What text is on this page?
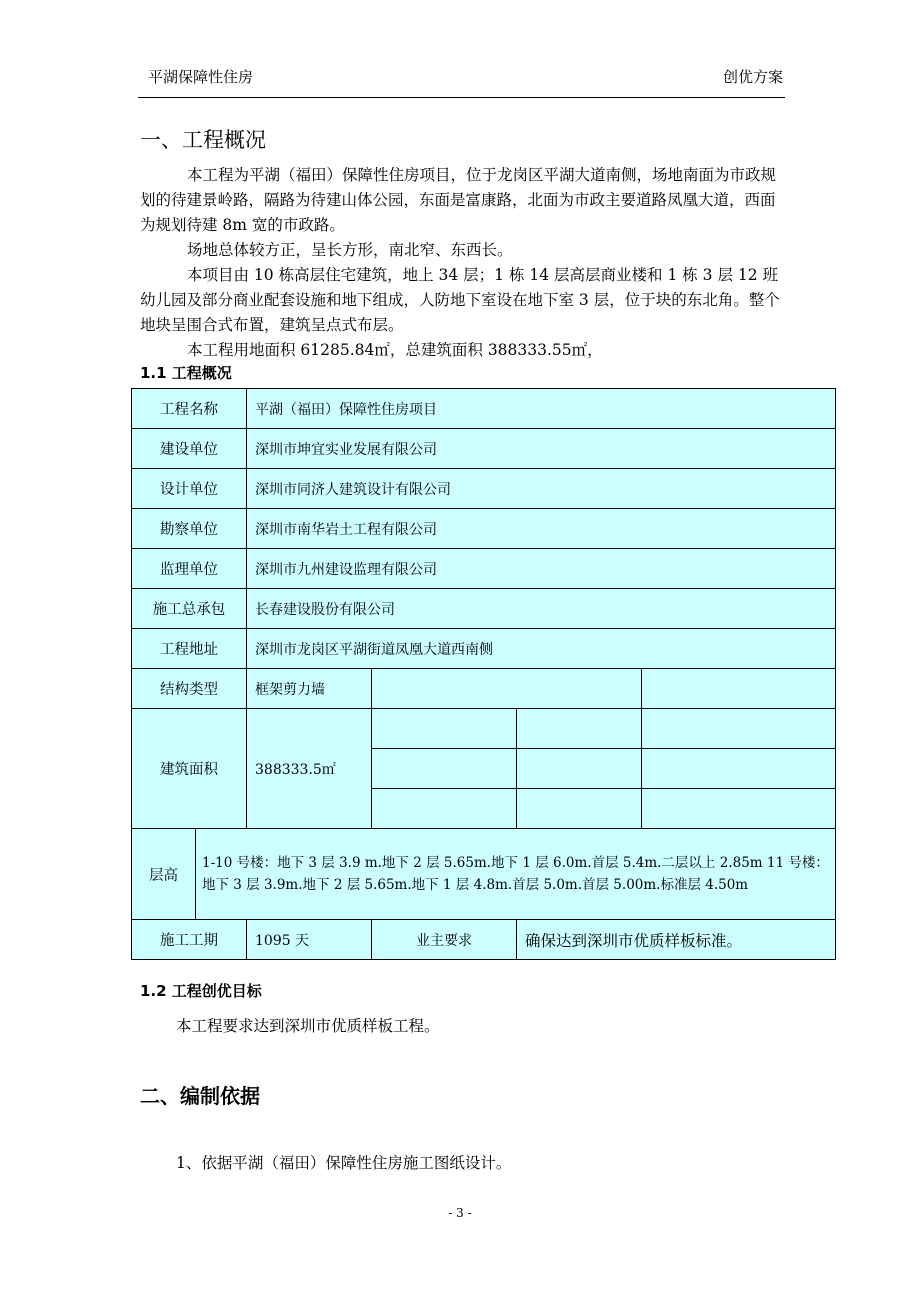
平湖保障性住房	创优方案
一、工程概况

本工程为平湖（福田）保障性住房项目，位于龙岗区平湖大道南侧，场地南面为市政规划的待建景岭路，隔路为待建山体公园，东面是富康路，北面为市政主要道路凤凰大道，西面为规划待建 8m 宽的市政路。

场地总体较方正，呈长方形，南北窄、东西长。

本项目由 10 栋高层住宅建筑，地上 34 层；1 栋 14 层高层商业楼和 1 栋 3 层 12 班幼儿园及部分商业配套设施和地下组成，人防地下室设在地下室 3 层，位于块的东北角。整个地块呈围合式布置，建筑呈点式布层。

本工程用地面积 61285.84㎡，总建筑面积 388333.55㎡，

1.1 工程概况
工程名称		平湖（福田）保障性住房项目			
建设单位		深圳市坤宜实业发展有限公司			
设计单位		深圳市同济人建筑设计有限公司			
勘察单位		深圳市南华岩土工程有限公司			
监理单位		深圳市九州建设监理有限公司			
施工总承包		长春建设股份有限公司			
工程地址		深圳市龙岗区平湖街道凤凰大道西南侧			
结构类型		框架剪力墙			
建筑面积		388333.5㎡			

层高	1-10 号楼：地下 3 层 3.9 m.地下 2 层 5.65m.地下 1 层 6.0m.首层 5.4m.二层以上 2.85m 11 号楼：地下 3 层 3.9m.地下 2 层 5.65m.地下 1 层 4.8m.首层 5.0m.首层 5.00m.标准层 4.50m				
施工工期		1095 天	业主要求	确保达到深圳市优质样板标准。	
1.2 工程创优目标
本工程要求达到深圳市优质样板工程。
二、编制依据
1、依据平湖（福田）保障性住房施工图纸设计。
- 3 -
